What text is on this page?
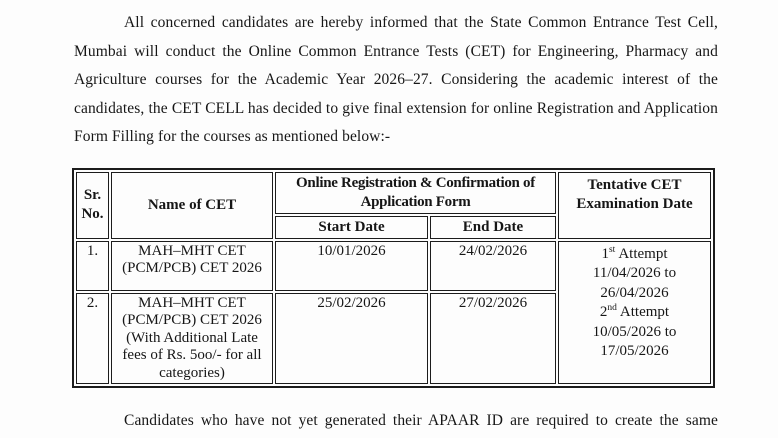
All concerned candidates are hereby informed that the State Common Entrance Test Cell,
Mumbai will conduct the Online Common Entrance Tests (CET) for Engineering, Pharmacy and
Agriculture courses for the Academic Year 2026–27. Considering the academic interest of the
candidates, the CET CELL has decided to give final extension for online Registration and Application
Form Filling for the courses as mentioned below:-
Sr. No.	Name of CET	Online Registration & Confirmation of Application Form		Tentative CET Examination Date
		Start Date	End Date	
1.	MAH–MHT CET (PCM/PCB) CET 2026	10/01/2026	24/02/2026	1st Attempt
11/04/2026 to
26/04/2026
2nd Attempt
10/05/2026 to
17/05/2026

2.	MAH–MHT CET (PCM/PCB) CET 2026 (With Additional Late fees of Rs. 5oo/- for all categories)	25/02/2026	27/02/2026	
Candidates who have not yet generated their APAAR ID are required to create the same
